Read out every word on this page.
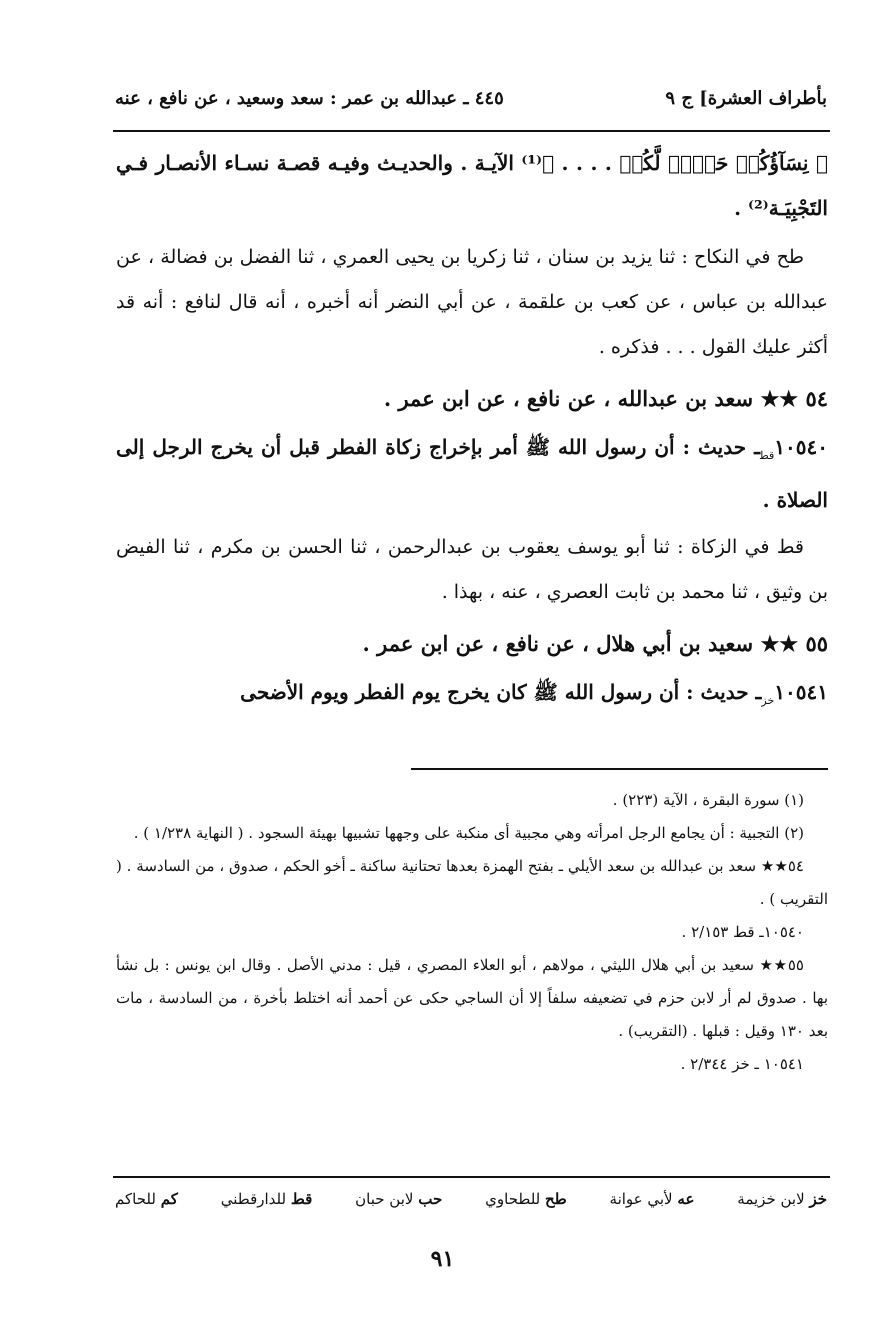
بأطراف العشرة] ج ٩
٤٤٥ ـ عبدالله بن عمر : سعد وسعيد ، عن نافع ، عنه

﴿ نِسَآؤُكُمۡ حَرۡثٞ لَّكُمۡ . . . . ﴾⁽¹⁾ الآيـة . والحديـث وفيـه قصـة نسـاء الأنصـار فـي التَجْبِيَـة⁽²⁾ .

طح في النكاح : ثنا يزيد بن سنان ، ثنا زكريا بن يحيى العمري ، ثنا الفضل بن فضالة ، عن عبدالله بن عباس ، عن كعب بن علقمة ، عن أبي النضر أنه أخبره ، أنه قال لنافع : أنه قد أكثر عليك القول . . . فذكره .

٥٤ ★★ سعد بن عبدالله ، عن نافع ، عن ابن عمر .

$١٠٥٤٠_{قط}ـ$ حديث : أن رسول الله ﷺ أمر بإخراج زكاة الفطر قبل أن يخرج الرجل إلى الصلاة .

قط في الزكاة : ثنا أبو يوسف يعقوب بن عبدالرحمن ، ثنا الحسن بن مكرم ، ثنا الفيض بن وثيق ، ثنا محمد بن ثابت العصري ، عنه ، بهذا .

٥٥ ★★ سعيد بن أبي هلال ، عن نافع ، عن ابن عمر .

$١٠٥٤١_{خز}ـ$ حديث : أن رسول الله ﷺ كان يخرج يوم الفطر ويوم الأضحى

(١) سورة البقرة ، الآية (٢٢٣) .

(٢) التجبية : أن يجامع الرجل امرأته وهي مجبية أى منكبة على وجهها تشبيها بهيئة السجود . ( النهاية ١/٢٣٨ ) .

٥٤★★ سعد بن عبدالله بن سعد الأيلي ـ بفتح الهمزة بعدها تحتانية ساكنة ـ أخو الحكم ، صدوق ، من السادسة . ( التقريب ) .

١٠٥٤٠ـ قط ٢/١٥٣ .

٥٥★★ سعيد بن أبي هلال الليثي ، مولاهم ، أبو العلاء المصري ، قيل : مدني الأصل . وقال ابن يونس : بل نشأ بها . صدوق لم أر لابن حزم في تضعيفه سلفاً إلا أن الساجي حكى عن أحمد أنه اختلط بأخرة ، من السادسة ، مات بعد ١٣٠ وقيل : قبلها . (التقريب) .

١٠٥٤١ ـ خز ٢/٣٤٤ .

خز لابن خزيمة
عه لأبي عوانة
طح للطحاوي
حب لابن حبان
قط للدارقطني
كم للحاكم
٩١
